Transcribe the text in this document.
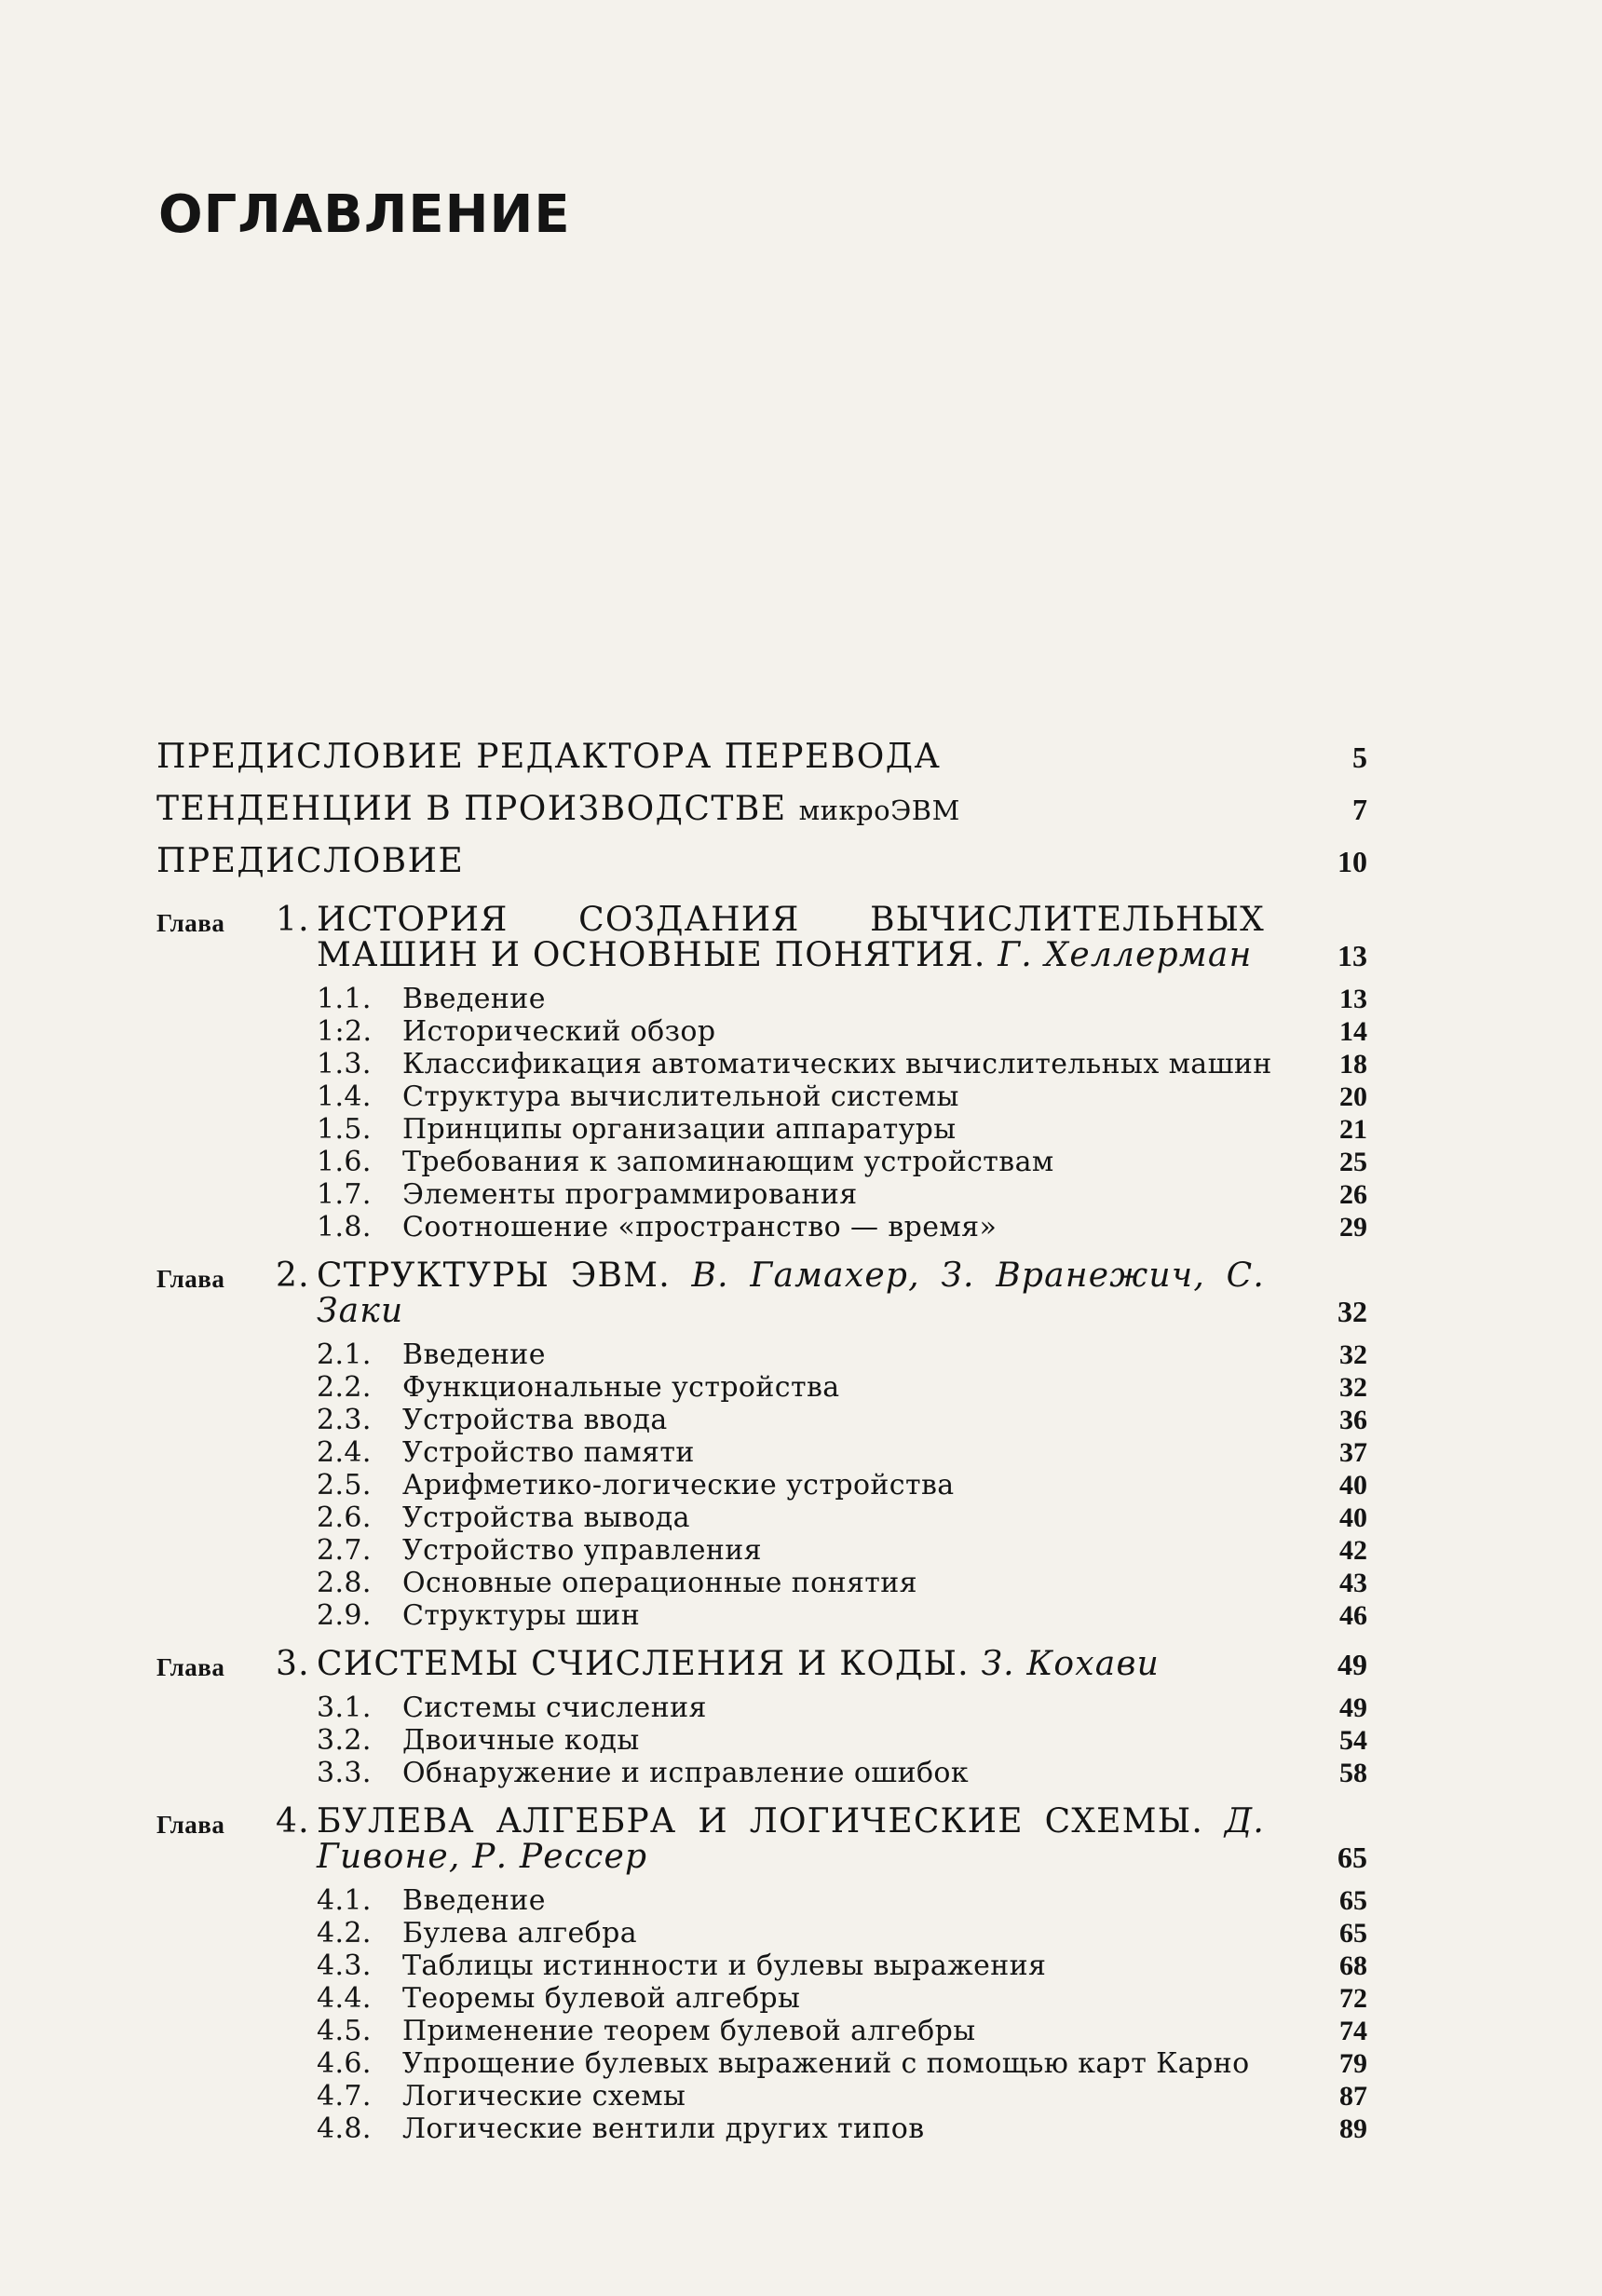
ОГЛАВЛЕНИЕ
ПРЕДИСЛОВИЕ РЕДАКТОРА ПЕРЕВОДА	5
ТЕНДЕНЦИИ В ПРОИЗВОДСТВЕ микроЭВМ	7
ПРЕДИСЛОВИЕ	10
Глава 1. ИСТОРИЯ СОЗДАНИЯ ВЫЧИСЛИТЕЛЬНЫХ МАШИН И ОСНОВНЫЕ ПОНЯТИЯ. Г. Хеллерман	13
1.1. Введение	13
1:2. Исторический обзор	14
1.3. Классификация автоматических вычислительных машин 18
1.4. Структура вычислительной системы	20
1.5. Принципы организации аппаратуры	21
1.6. Требования к запоминающим устройствам	25
1.7. Элементы программирования	26
1.8. Соотношение «пространство — время»	29
Глава 2. СТРУКТУРЫ ЭВМ. В. Гамахер, З. Вранежич, С. Заки	32
2.1. Введение	32
2.2. Функциональные устройства	32
2.3. Устройства ввода	36
2.4. Устройство памяти	37
2.5. Арифметико-логические устройства	40
2.6. Устройства вывода	40
2.7. Устройство управления	42
2.8. Основные операционные понятия	43
2.9. Структуры шин	46
Глава 3. СИСТЕМЫ СЧИСЛЕНИЯ И КОДЫ. З. Кохави	49
3.1. Системы счисления	49
3.2. Двоичные коды	54
3.3. Обнаружение и исправление ошибок	58
Глава 4. БУЛЕВА АЛГЕБРА И ЛОГИЧЕСКИЕ СХЕМЫ. Д. Гивоне, Р. Рессер	65
4.1. Введение	65
4.2. Булева алгебра	65
4.3. Таблицы истинности и булевы выражения	68
4.4. Теоремы булевой алгебры	72
4.5. Применение теорем булевой алгебры	74
4.6. Упрощение булевых выражений с помощью карт Карно	79
4.7. Логические схемы	87
4.8. Логические вентили других типов	89
